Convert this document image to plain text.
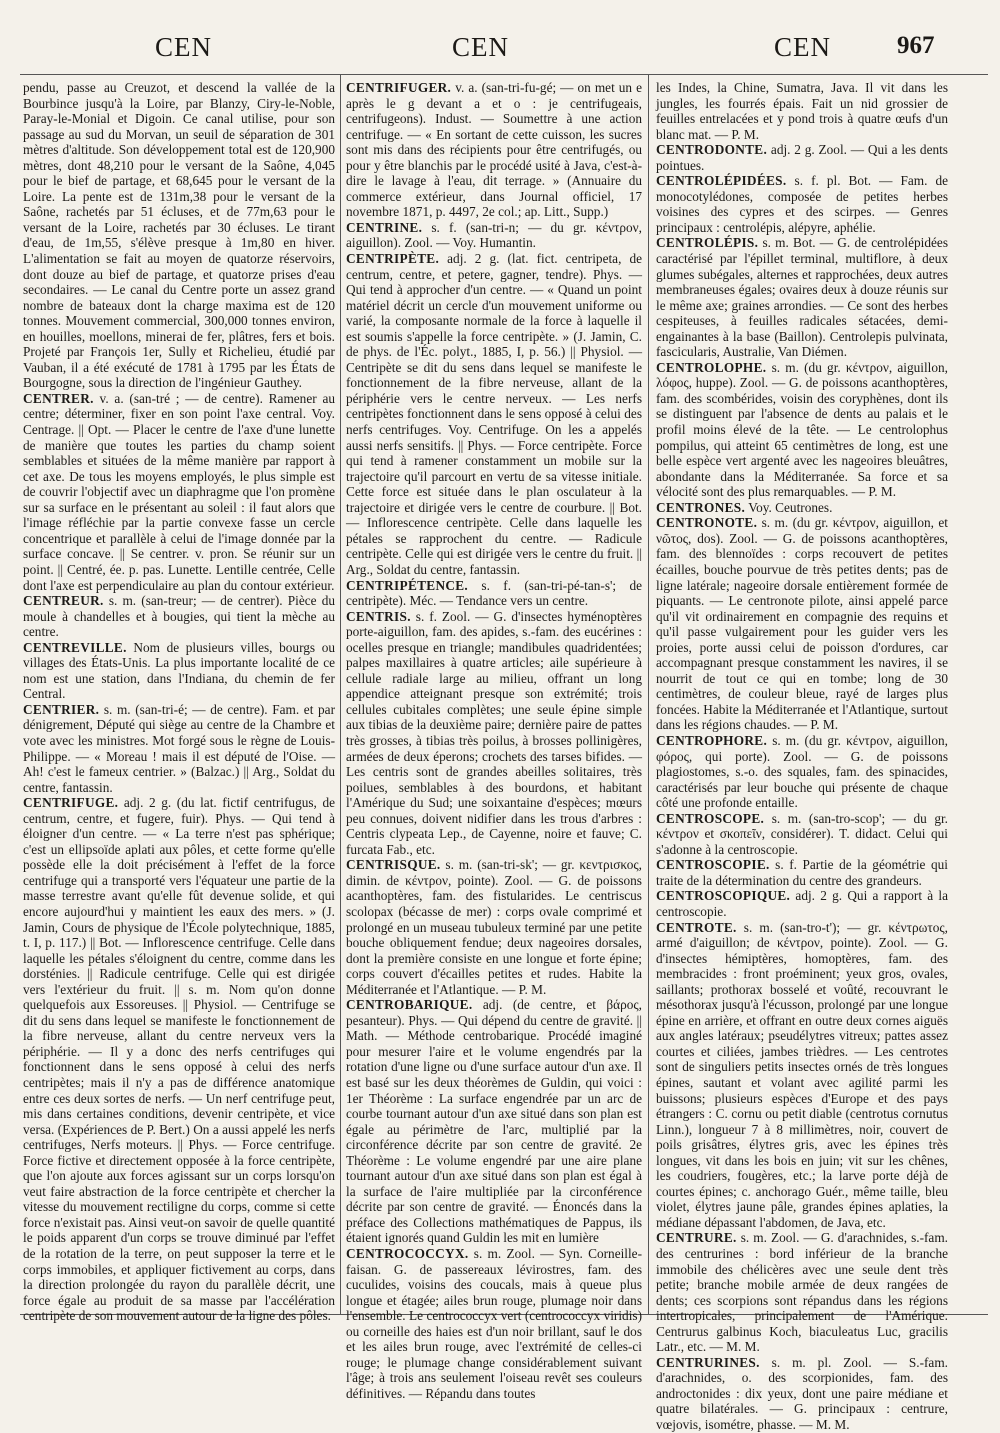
CEN	CEN	CEN	967

pendu, passe au Creuzot, et descend la vallée de la Bourbince jusqu'à la Loire, par Blanzy, Ciry-le-Noble, Paray-le-Monial et Digoin. Ce canal utilise, pour son passage au sud du Morvan, un seuil de séparation de 301 mètres d'altitude. Son développement total est de 120,900 mètres, dont 48,210 pour le versant de la Saône, 4,045 pour le bief de partage, et 68,645 pour le versant de la Loire. La pente est de 131m,38 pour le versant de la Saône, rachetés par 51 écluses, et de 77m,63 pour le versant de la Loire, rachetés par 30 écluses. Le tirant d'eau, de 1m,55, s'élève presque à 1m,80 en hiver. L'alimentation se fait au moyen de quatorze réservoirs, dont douze au bief de partage, et quatorze prises d'eau secondaires. — Le canal du Centre porte un assez grand nombre de bateaux dont la charge maxima est de 120 tonnes. Mouvement commercial, 300,000 tonnes environ, en houilles, moellons, minerai de fer, plâtres, fers et bois. Projeté par François 1er, Sully et Richelieu, étudié par Vauban, il a été exécuté de 1781 à 1795 par les États de Bourgogne, sous la direction de l'ingénieur Gauthey.

CENTRER. v. a. (san-tré ; — de centre). Ramener au centre; déterminer, fixer en son point l'axe central. Voy. Centrage. || Opt. — Placer le centre de l'axe d'une lunette de manière que toutes les parties du champ soient semblables et situées de la même manière par rapport à cet axe. De tous les moyens employés, le plus simple est de couvrir l'objectif avec un diaphragme que l'on promène sur sa surface en le présentant au soleil : il faut alors que l'image réfléchie par la partie convexe fasse un cercle concentrique et parallèle à celui de l'image donnée par la surface concave. || Se centrer. v. pron. Se réunir sur un point. || Centré, ée. p. pas. Lunette. Lentille centrée, Celle dont l'axe est perpendiculaire au plan du contour extérieur.

CENTREUR. s. m. (san-treur; — de centrer). Pièce du moule à chandelles et à bougies, qui tient la mèche au centre.

CENTREVILLE. Nom de plusieurs villes, bourgs ou villages des États-Unis. La plus importante localité de ce nom est une station, dans l'Indiana, du chemin de fer Central.

CENTRIER. s. m. (san-tri-é; — de centre). Fam. et par dénigrement, Député qui siège au centre de la Chambre et vote avec les ministres. Mot forgé sous le règne de Louis-Philippe. — « Moreau ! mais il est député de l'Oise. — Ah! c'est le fameux centrier. » (Balzac.) || Arg., Soldat du centre, fantassin.

CENTRIFUGE. adj. 2 g. (du lat. fictif centrifugus, de centrum, centre, et fugere, fuir). Phys. — Qui tend à éloigner d'un centre. — « La terre n'est pas sphérique; c'est un ellipsoïde aplati aux pôles, et cette forme qu'elle possède elle la doit précisément à l'effet de la force centrifuge qui a transporté vers l'équateur une partie de la masse terrestre avant qu'elle fût devenue solide, et qui encore aujourd'hui y maintient les eaux des mers. » (J. Jamin, Cours de physique de l'École polytechnique, 1885, t. I, p. 117.) || Bot. — Inflorescence centrifuge. Celle dans laquelle les pétales s'éloignent du centre, comme dans les dorsténies. || Radicule centrifuge. Celle qui est dirigée vers l'extérieur du fruit. || s. m. Nom qu'on donne quelquefois aux Essoreuses. || Physiol. — Centrifuge se dit du sens dans lequel se manifeste le fonctionnement de la fibre nerveuse, allant du centre nerveux vers la périphérie. — Il y a donc des nerfs centrifuges qui fonctionnent dans le sens opposé à celui des nerfs centripètes; mais il n'y a pas de différence anatomique entre ces deux sortes de nerfs. — Un nerf centrifuge peut, mis dans certaines conditions, devenir centripète, et vice versa. (Expériences de P. Bert.) On a aussi appelé les nerfs centrifuges, Nerfs moteurs. || Phys. — Force centrifuge. Force fictive et directement opposée à la force centripète, que l'on ajoute aux forces agissant sur un corps lorsqu'on veut faire abstraction de la force centripète et chercher la vitesse du mouvement rectiligne du corps, comme si cette force n'existait pas. Ainsi veut-on savoir de quelle quantité le poids apparent d'un corps se trouve diminué par l'effet de la rotation de la terre, on peut supposer la terre et le corps immobiles, et appliquer fictivement au corps, dans la direction prolongée du rayon du parallèle décrit, une force égale au produit de sa masse par l'accélération centripète de son mouvement autour de la ligne des pôles.

CENTRIFUGER. v. a. (san-tri-fu-gé; — on met un e après le g devant a et o : je centrifugeais, centrifugeons). Indust. — Soumettre à une action centrifuge. — « En sortant de cette cuisson, les sucres sont mis dans des récipients pour être centrifugés, ou pour y être blanchis par le procédé usité à Java, c'est-à-dire le lavage à l'eau, dit terrage. » (Annuaire du commerce extérieur, dans Journal officiel, 17 novembre 1871, p. 4497, 2e col.; ap. Litt., Supp.)

CENTRINE. s. f. (san-tri-n; — du gr. κέντρον, aiguillon). Zool. — Voy. Humantin.

CENTRIPÈTE. adj. 2 g. (lat. fict. centripeta, de centrum, centre, et petere, gagner, tendre). Phys. — Qui tend à approcher d'un centre. — « Quand un point matériel décrit un cercle d'un mouvement uniforme ou varié, la composante normale de la force à laquelle il est soumis s'appelle la force centripète. » (J. Jamin, C. de phys. de l'Éc. polyt., 1885, I, p. 56.) || Physiol. — Centripète se dit du sens dans lequel se manifeste le fonctionnement de la fibre nerveuse, allant de la périphérie vers le centre nerveux. — Les nerfs centripètes fonctionnent dans le sens opposé à celui des nerfs centrifuges. Voy. Centrifuge. On les a appelés aussi nerfs sensitifs. || Phys. — Force centripète. Force qui tend à ramener constamment un mobile sur la trajectoire qu'il parcourt en vertu de sa vitesse initiale. Cette force est située dans le plan osculateur à la trajectoire et dirigée vers le centre de courbure. || Bot. — Inflorescence centripète. Celle dans laquelle les pétales se rapprochent du centre. — Radicule centripète. Celle qui est dirigée vers le centre du fruit. || Arg., Soldat du centre, fantassin.

CENTRIPÉTENCE. s. f. (san-tri-pé-tan-s'; de centripète). Méc. — Tendance vers un centre.

CENTRIS. s. f. Zool. — G. d'insectes hyménoptères porte-aiguillon, fam. des apides, s.-fam. des eucérines : ocelles presque en triangle; mandibules quadridentées; palpes maxillaires à quatre articles; aile supérieure à cellule radiale large au milieu, offrant un long appendice atteignant presque son extrémité; trois cellules cubitales complètes; une seule épine simple aux tibias de la deuxième paire; dernière paire de pattes très grosses, à tibias très poilus, à brosses pollinigères, armées de deux éperons; crochets des tarses bifides. — Les centris sont de grandes abeilles solitaires, très poilues, semblables à des bourdons, et habitant l'Amérique du Sud; une soixantaine d'espèces; mœurs peu connues, doivent nidifier dans les trous d'arbres : Centris clypeata Lep., de Cayenne, noire et fauve; C. furcata Fab., etc.

CENTRISQUE. s. m. (san-tri-sk'; — gr. κεντρισκος, dimin. de κέντρον, pointe). Zool. — G. de poissons acanthoptères, fam. des fistularides. Le centriscus scolopax (bécasse de mer) : corps ovale comprimé et prolongé en un museau tubuleux terminé par une petite bouche obliquement fendue; deux nageoires dorsales, dont la première consiste en une longue et forte épine; corps couvert d'écailles petites et rudes. Habite la Méditerranée et l'Atlantique. — P. M.

CENTROBARIQUE. adj. (de centre, et βάρος, pesanteur). Phys. — Qui dépend du centre de gravité. || Math. — Méthode centrobarique. Procédé imaginé pour mesurer l'aire et le volume engendrés par la rotation d'une ligne ou d'une surface autour d'un axe. Il est basé sur les deux théorèmes de Guldin, qui voici : 1er Théorème : La surface engendrée par un arc de courbe tournant autour d'un axe situé dans son plan est égale au périmètre de l'arc, multiplié par la circonférence décrite par son centre de gravité. 2e Théorème : Le volume engendré par une aire plane tournant autour d'un axe situé dans son plan est égal à la surface de l'aire multipliée par la circonférence décrite par son centre de gravité. — Énoncés dans la préface des Collections mathématiques de Pappus, ils étaient ignorés quand Guldin les mit en lumière

CENTROCOCCYX. s. m. Zool. — Syn. Corneille-faisan. G. de passereaux lévirostres, fam. des cuculides, voisins des coucals, mais à queue plus longue et étagée; ailes brun rouge, plumage noir dans l'ensemble. Le centrococcyx vert (centrococcyx viridis) ou corneille des haies est d'un noir brillant, sauf le dos et les ailes brun rouge, avec l'extrémité de celles-ci rouge; le plumage change considérablement suivant l'âge; à trois ans seulement l'oiseau revêt ses couleurs définitives. — Répandu dans toutes

les Indes, la Chine, Sumatra, Java. Il vit dans les jungles, les fourrés épais. Fait un nid grossier de feuilles entrelacées et y pond trois à quatre œufs d'un blanc mat. — P. M.

CENTRODONTE. adj. 2 g. Zool. — Qui a les dents pointues.

CENTROLÉPIDÉES. s. f. pl. Bot. — Fam. de monocotylédones, composée de petites herbes voisines des cypres et des scirpes. — Genres principaux : centrolépis, alépyre, aphélie.

CENTROLÉPIS. s. m. Bot. — G. de centrolépidées caractérisé par l'épillet terminal, multiflore, à deux glumes subégales, alternes et rapprochées, deux autres membraneuses égales; ovaires deux à douze réunis sur le même axe; graines arrondies. — Ce sont des herbes cespiteuses, à feuilles radicales sétacées, demi-engainantes à la base (Baillon). Centrolepis pulvinata, fascicularis, Australie, Van Diémen.

CENTROLOPHE. s. m. (du gr. κέντρον, aiguillon, λόφος, huppe). Zool. — G. de poissons acanthoptères, fam. des scombérides, voisin des coryphènes, dont ils se distinguent par l'absence de dents au palais et le profil moins élevé de la tête. — Le centrolophus pompilus, qui atteint 65 centimètres de long, est une belle espèce vert argenté avec les nageoires bleuâtres, abondante dans la Méditerranée. Sa force et sa vélocité sont des plus remarquables. — P. M.

CENTRONES. Voy. Ceutrones.

CENTRONOTE. s. m. (du gr. κέντρον, aiguillon, et νῶτος, dos). Zool. — G. de poissons acanthoptères, fam. des blennoïdes : corps recouvert de petites écailles, bouche pourvue de très petites dents; pas de ligne latérale; nageoire dorsale entièrement formée de piquants. — Le centronote pilote, ainsi appelé parce qu'il vit ordinairement en compagnie des requins et qu'il passe vulgairement pour les guider vers les proies, porte aussi celui de poisson d'ordures, car accompagnant presque constamment les navires, il se nourrit de tout ce qui en tombe; long de 30 centimètres, de couleur bleue, rayé de larges plus foncées. Habite la Méditerranée et l'Atlantique, surtout dans les régions chaudes. — P. M.

CENTROPHORE. s. m. (du gr. κέντρον, aiguillon, φόρος, qui porte). Zool. — G. de poissons plagiostomes, s.-o. des squales, fam. des spinacides, caractérisés par leur bouche qui présente de chaque côté une profonde entaille.

CENTROSCOPE. s. m. (san-tro-scop'; — du gr. κέντρον et σκοπεῖν, considérer). T. didact. Celui qui s'adonne à la centroscopie.

CENTROSCOPIE. s. f. Partie de la géométrie qui traite de la détermination du centre des grandeurs.

CENTROSCOPIQUE. adj. 2 g. Qui a rapport à la centroscopie.

CENTROTE. s. m. (san-tro-t'); — gr. κέντρωτος, armé d'aiguillon; de κέντρον, pointe). Zool. — G. d'insectes hémiptères, homoptères, fam. des membracides : front proéminent; yeux gros, ovales, saillants; prothorax bosselé et voûté, recouvrant le mésothorax jusqu'à l'écusson, prolongé par une longue épine en arrière, et offrant en outre deux cornes aiguës aux angles latéraux; pseudélytres vitreux; pattes assez courtes et ciliées, jambes trièdres. — Les centrotes sont de singuliers petits insectes ornés de très longues épines, sautant et volant avec agilité parmi les buissons; plusieurs espèces d'Europe et des pays étrangers : C. cornu ou petit diable (centrotus cornutus Linn.), longueur 7 à 8 millimètres, noir, couvert de poils grisâtres, élytres gris, avec les épines très longues, vit dans les bois en juin; vit sur les chênes, les coudriers, fougères, etc.; la larve porte déjà de courtes épines; c. anchorago Guér., même taille, bleu violet, élytres jaune pâle, grandes épines aplaties, la médiane dépassant l'abdomen, de Java, etc.

CENTRURE. s. m. Zool. — G. d'arachnides, s.-fam. des centrurines : bord inférieur de la branche immobile des chélicères avec une seule dent très petite; branche mobile armée de deux rangées de dents; ces scorpions sont répandus dans les régions intertropicales, principalement de l'Amérique. Centrurus galbinus Koch, biaculeatus Luc, gracilis Latr., etc. — M. M.

CENTRURINES. s. m. pl. Zool. — S.-fam. d'arachnides, o. des scorpionides, fam. des androctonides : dix yeux, dont une paire médiane et quatre bilatérales. — G. principaux : centrure, vœjovis, isométre, phasse. — M. M.
